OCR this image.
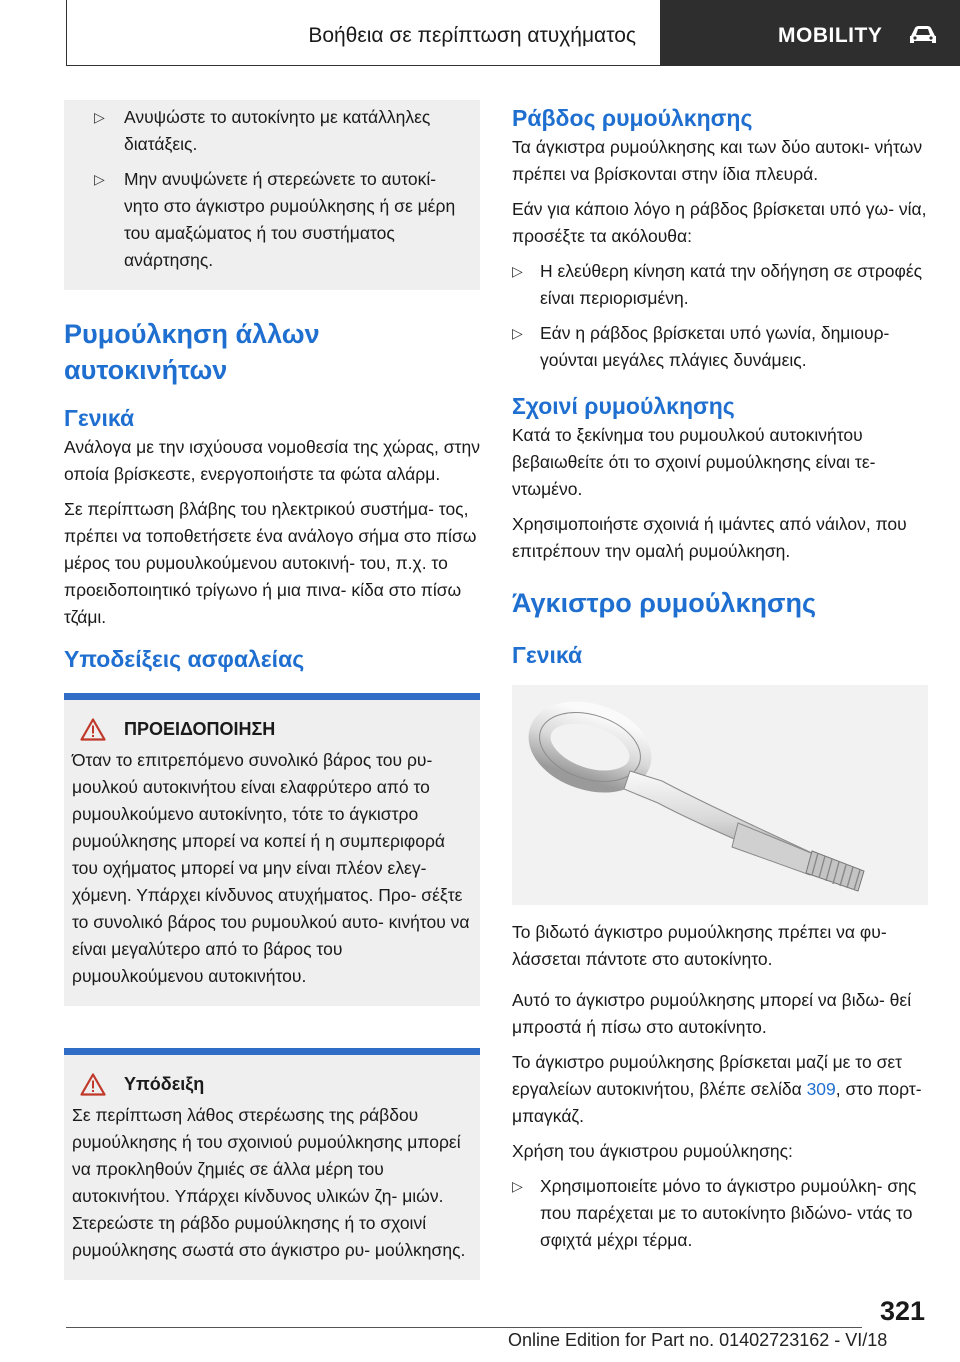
Βοήθεια σε περίπτωση ατυχήματος	MOBILITY
▷ Ανυψώστε το αυτοκίνητο με κατάλληλες διατάξεις.
▷ Μην ανυψώνετε ή στερεώνετε το αυτοκί- νητο στο άγκιστρο ρυμούλκησης ή σε μέρη του αμαξώματος ή του συστήματος ανάρτησης.
Ρυμούλκηση άλλων αυτοκινήτων
Γενικά

Ανάλογα με την ισχύουσα νομοθεσία της χώρας, στην οποία βρίσκεστε, ενεργοποιήστε τα φώτα αλάρμ.

Σε περίπτωση βλάβης του ηλεκτρικού συστήμα- τος, πρέπει να τοποθετήσετε ένα ανάλογο σήμα στο πίσω μέρος του ρυμουλκούμενου αυτοκινή- του, π.χ. το προειδοποιητικό τρίγωνο ή μια πινα- κίδα στο πίσω τζάμι.

Υποδείξεις ασφαλείας
ΠΡΟΕΙΔΟΠΟΙΗΣΗ

Όταν το επιτρεπόμενο συνολικό βάρος του ρυ- μουλκού αυτοκινήτου είναι ελαφρύτερο από το ρυμουλκούμενο αυτοκίνητο, τότε το άγκιστρο ρυμούλκησης μπορεί να κοπεί ή η συμπεριφορά του οχήματος μπορεί να μην είναι πλέον ελεγ- χόμενη. Υπάρχει κίνδυνος ατυχήματος. Προ- σέξτε το συνολικό βάρος του ρυμουλκού αυτο- κινήτου να είναι μεγαλύτερο από το βάρος του ρυμουλκούμενου αυτοκινήτου.

Υπόδειξη

Σε περίπτωση λάθος στερέωσης της ράβδου ρυμούλκησης ή του σχοινιού ρυμούλκησης μπορεί να προκληθούν ζημιές σε άλλα μέρη του αυτοκινήτου. Υπάρχει κίνδυνος υλικών ζη- μιών. Στερεώστε τη ράβδο ρυμούλκησης ή το σχοινί ρυμούλκησης σωστά στο άγκιστρο ρυ- μούλκησης.

Ράβδος ρυμούλκησης

Τα άγκιστρα ρυμούλκησης και των δύο αυτοκι- νήτων πρέπει να βρίσκονται στην ίδια πλευρά.

Εάν για κάποιο λόγο η ράβδος βρίσκεται υπό γω- νία, προσέξτε τα ακόλουθα:

▷ Η ελεύθερη κίνηση κατά την οδήγηση σε στροφές είναι περιορισμένη.
▷ Εάν η ράβδος βρίσκεται υπό γωνία, δημιουρ- γούνται μεγάλες πλάγιες δυνάμεις.
Σχοινί ρυμούλκησης

Κατά το ξεκίνημα του ρυμουλκού αυτοκινήτου βεβαιωθείτε ότι το σχοινί ρυμούλκησης είναι τε- ντωμένο.

Χρησιμοποιήστε σχοινιά ή ιμάντες από νάιλον, που επιτρέπουν την ομαλή ρυμούλκηση.

Άγκιστρο ρυμούλκησης
Γενικά

Το βιδωτό άγκιστρο ρυμούλκησης πρέπει να φυ- λάσσεται πάντοτε στο αυτοκίνητο.

Αυτό το άγκιστρο ρυμούλκησης μπορεί να βιδω- θεί μπροστά ή πίσω στο αυτοκίνητο.

Το άγκιστρο ρυμούλκησης βρίσκεται μαζί με το σετ εργαλείων αυτοκινήτου, βλέπε σελίδα 309, στο πορτ-μπαγκάζ.

Χρήση του άγκιστρου ρυμούλκησης:

▷ Χρησιμοποιείτε μόνο το άγκιστρο ρυμούλκη- σης που παρέχεται με το αυτοκίνητο βιδώνο- ντάς το σφιχτά μέχρι τέρμα.
321
Online Edition for Part no. 01402723162 - VI/18
